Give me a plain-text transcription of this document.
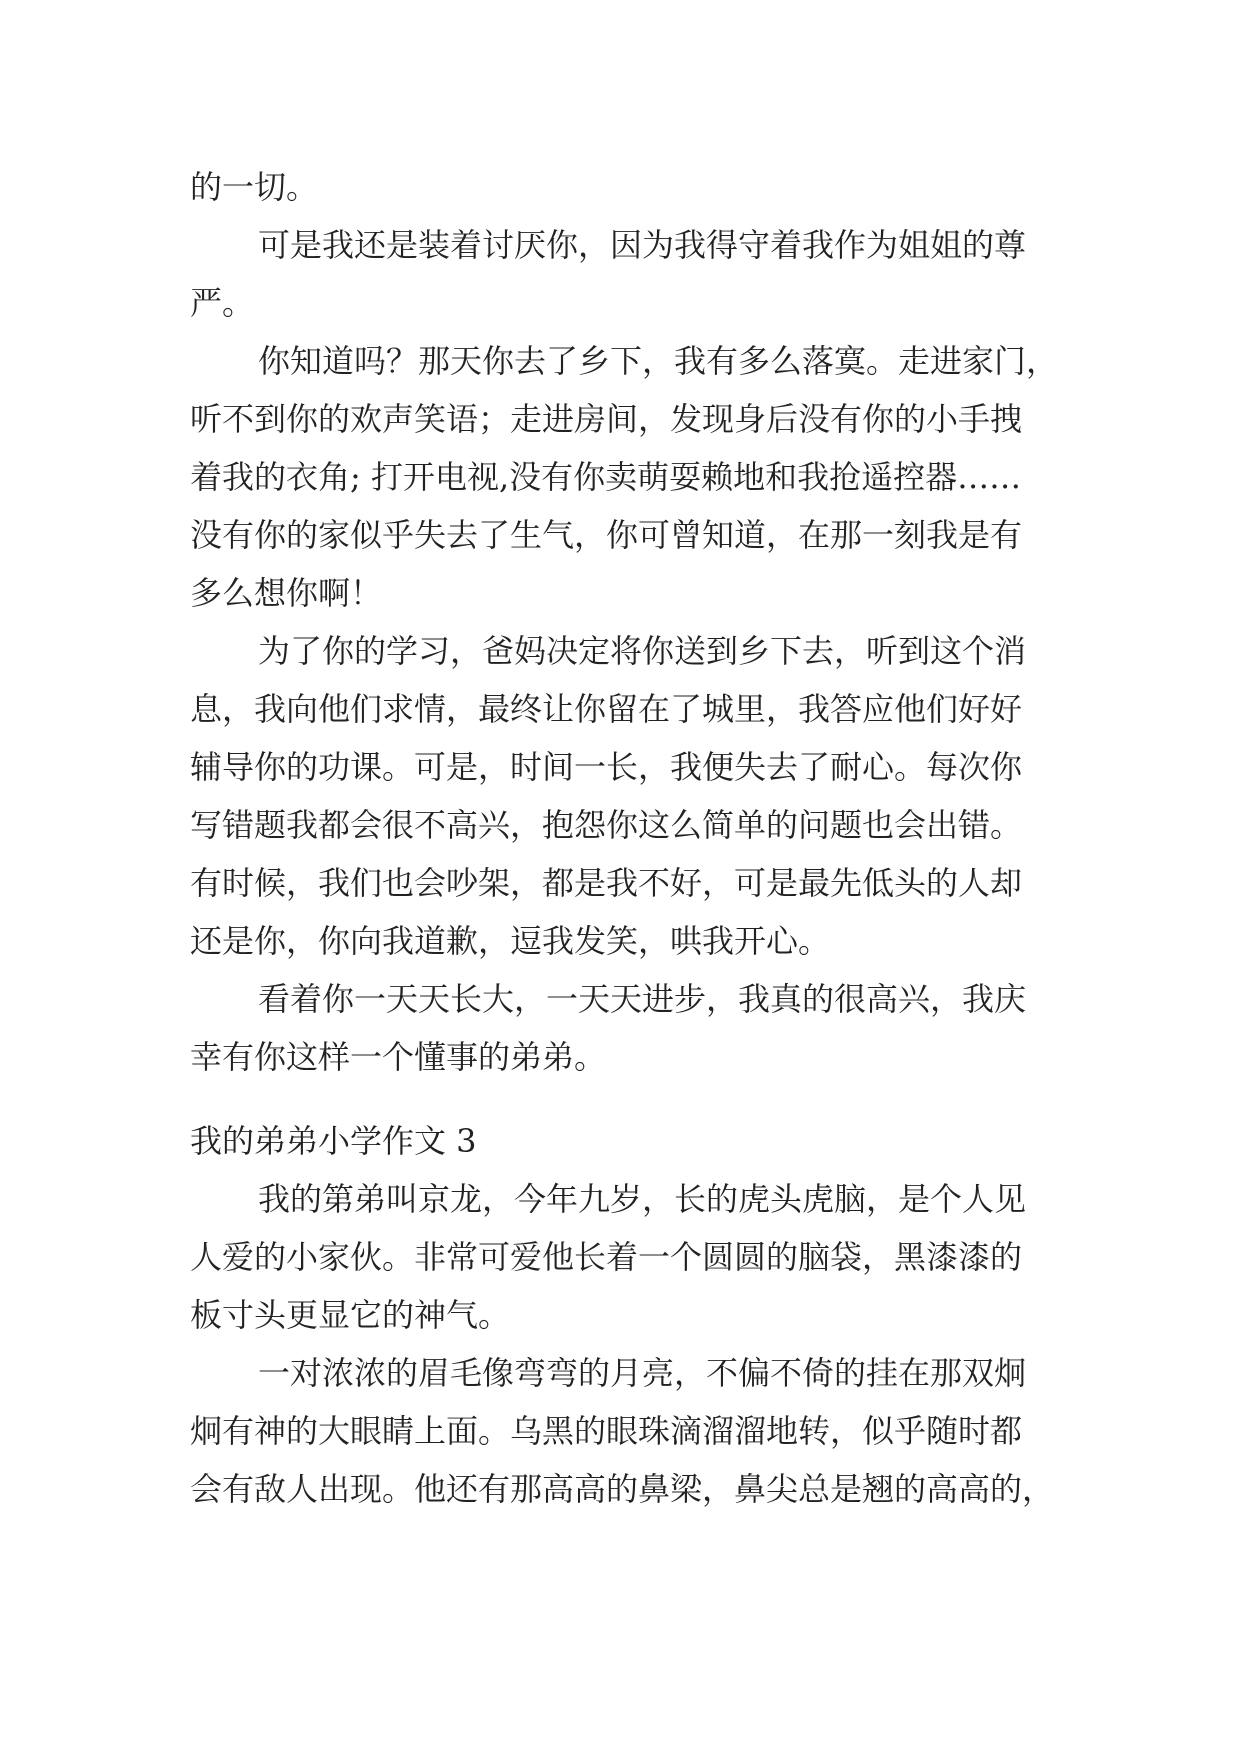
的一切。
可是我还是装着讨厌你，因为我得守着我作为姐姐的尊
严。
你知道吗？那天你去了乡下，我有多么落寞。走进家门，
听不到你的欢声笑语；走进房间，发现身后没有你的小手拽
着我的衣角; 打开电视,没有你卖萌耍赖地和我抢遥控器……
没有你的家似乎失去了生气，你可曾知道，在那一刻我是有
多么想你啊！
为了你的学习，爸妈决定将你送到乡下去，听到这个消
息，我向他们求情，最终让你留在了城里，我答应他们好好
辅导你的功课。可是，时间一长，我便失去了耐心。每次你
写错题我都会很不高兴，抱怨你这么简单的问题也会出错。
有时候，我们也会吵架，都是我不好，可是最先低头的人却
还是你，你向我道歉，逗我发笑，哄我开心。
看着你一天天长大，一天天进步，我真的很高兴，我庆
幸有你这样一个懂事的弟弟。
我的弟弟小学作文 3
我的第弟叫京龙，今年九岁，长的虎头虎脑，是个人见
人爱的小家伙。非常可爱他长着一个圆圆的脑袋，黑漆漆的
板寸头更显它的神气。
一对浓浓的眉毛像弯弯的月亮，不偏不倚的挂在那双炯
炯有神的大眼睛上面。乌黑的眼珠滴溜溜地转，似乎随时都
会有敌人出现。他还有那高高的鼻梁，鼻尖总是翘的高高的，
